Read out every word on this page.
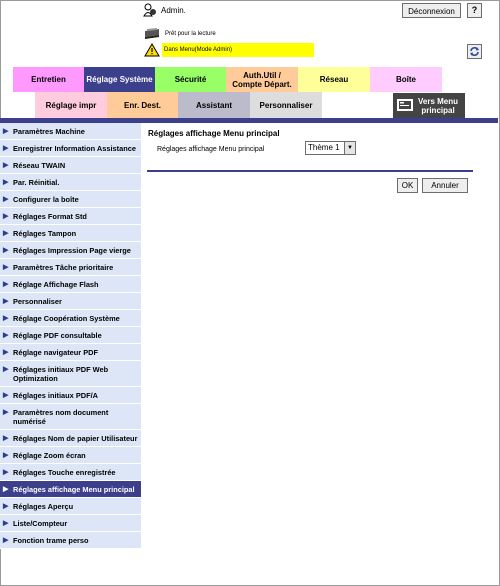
Admin.	Déconnexion	?
Prêt pour la lecture
Dans Menu(Mode Admin)
Entretien	Réglage Système	Sécurité	Auth.Util / Compte Départ.	Réseau	Boîte
Réglage impr	Enr. Dest.	Assistant	Personnaliser	Vers Menu principal
▶ Paramètres Machine
▶ Enregistrer Information Assistance
▶ Réseau TWAIN
▶ Par. Réinitial.
▶ Configurer la boîte
▶ Réglages Format Std
▶ Réglages Tampon
▶ Réglages Impression Page vierge
▶ Paramètres Tâche prioritaire
▶ Réglage Affichage Flash
▶ Personnaliser
▶ Réglage Coopération Système
▶ Réglage PDF consultable
▶ Réglage navigateur PDF
▶ Réglages initiaux PDF Web Optimization
▶ Réglages initiaux PDF/A
▶ Paramètres nom document numérisé
▶ Réglages Nom de papier Utilisateur
▶ Réglage Zoom écran
▶ Réglages Touche enregistrée
▶ Réglages affichage Menu principal
▶ Réglages Aperçu
▶ Liste/Compteur
▶ Fonction trame perso
Réglages affichage Menu principal
Réglages affichage Menu principal	Thème 1	▼
OK	Annuler
